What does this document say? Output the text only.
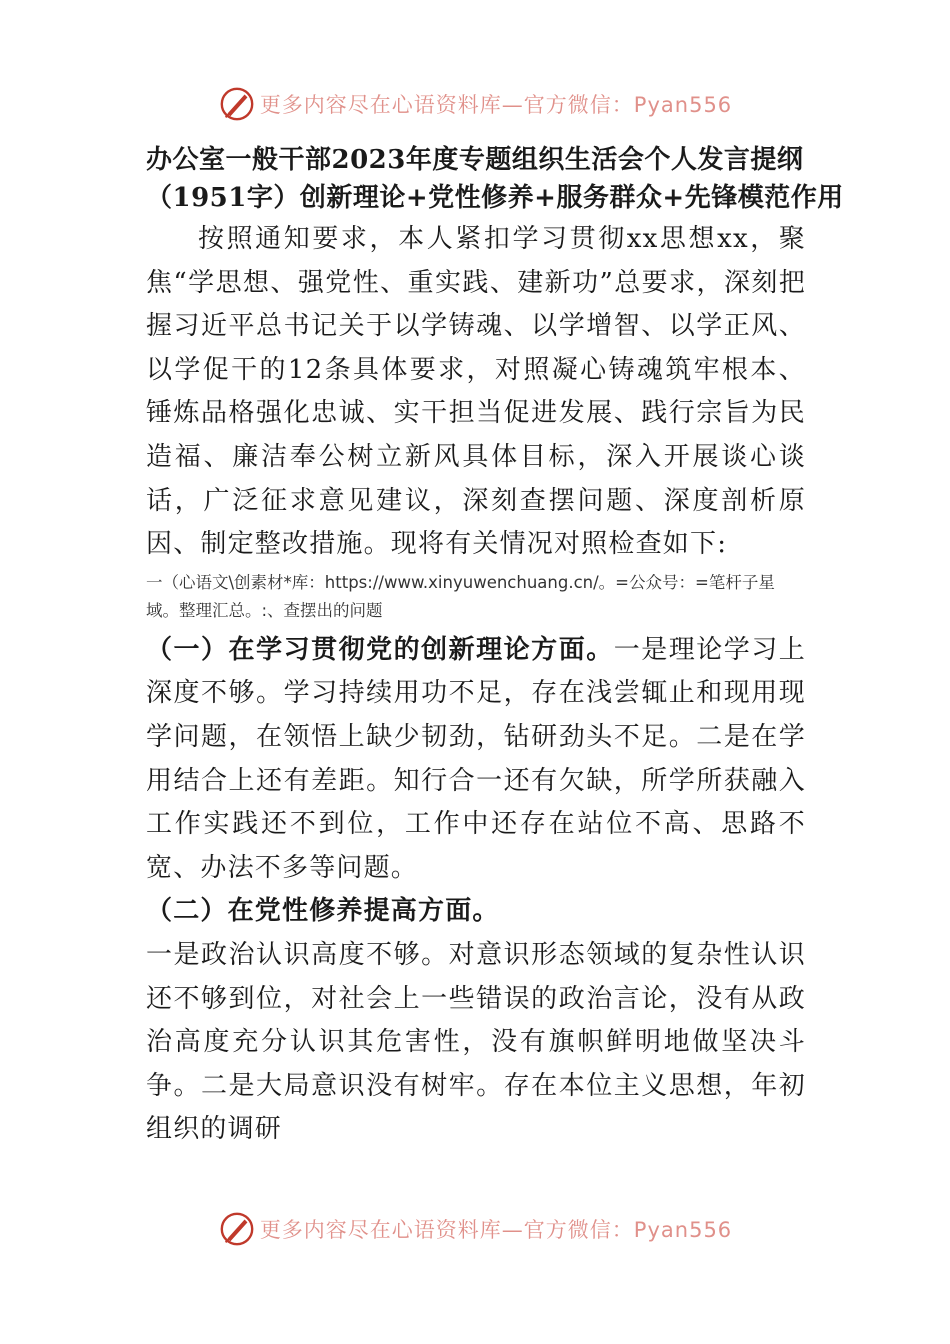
更多内容尽在心语资料库—官方微信：Pyan556

办公室一般干部2023年度专题组织生活会个人发言提纲

（1951字）创新理论+党性修养+服务群众+先锋模范作用

按照通知要求，本人紧扣学习贯彻xx思想xx，聚焦“学思想、强党性、重实践、建新功”总要求，深刻把握习近平总书记关于以学铸魂、以学增智、以学正风、以学促干的12条具体要求，对照凝心铸魂筑牢根本、锤炼品格强化忠诚、实干担当促进发展、践行宗旨为民造福、廉洁奉公树立新风具体目标，深入开展谈心谈话，广泛征求意见建议，深刻查摆问题、深度剖析原因、制定整改措施。现将有关情况对照检查如下:

一（心语文\创素材*库：https://www.xinyuwenchuang.cn/。=公众号：=笔杆子星域。整理汇总。:、查摆出的问题

（一）在学习贯彻党的创新理论方面。一是理论学习上深度不够。学习持续用功不足，存在浅尝辄止和现用现学问题，在领悟上缺少韧劲，钻研劲头不足。二是在学用结合上还有差距。知行合一还有欠缺，所学所获融入工作实践还不到位，工作中还存在站位不高、思路不宽、办法不多等问题。

（二）在党性修养提高方面。

一是政治认识高度不够。对意识形态领域的复杂性认识还不够到位，对社会上一些错误的政治言论，没有从政治高度充分认识其危害性，没有旗帜鲜明地做坚决斗争。二是大局意识没有树牢。存在本位主义思想，年初组织的调研

更多内容尽在心语资料库—官方微信：Pyan556
